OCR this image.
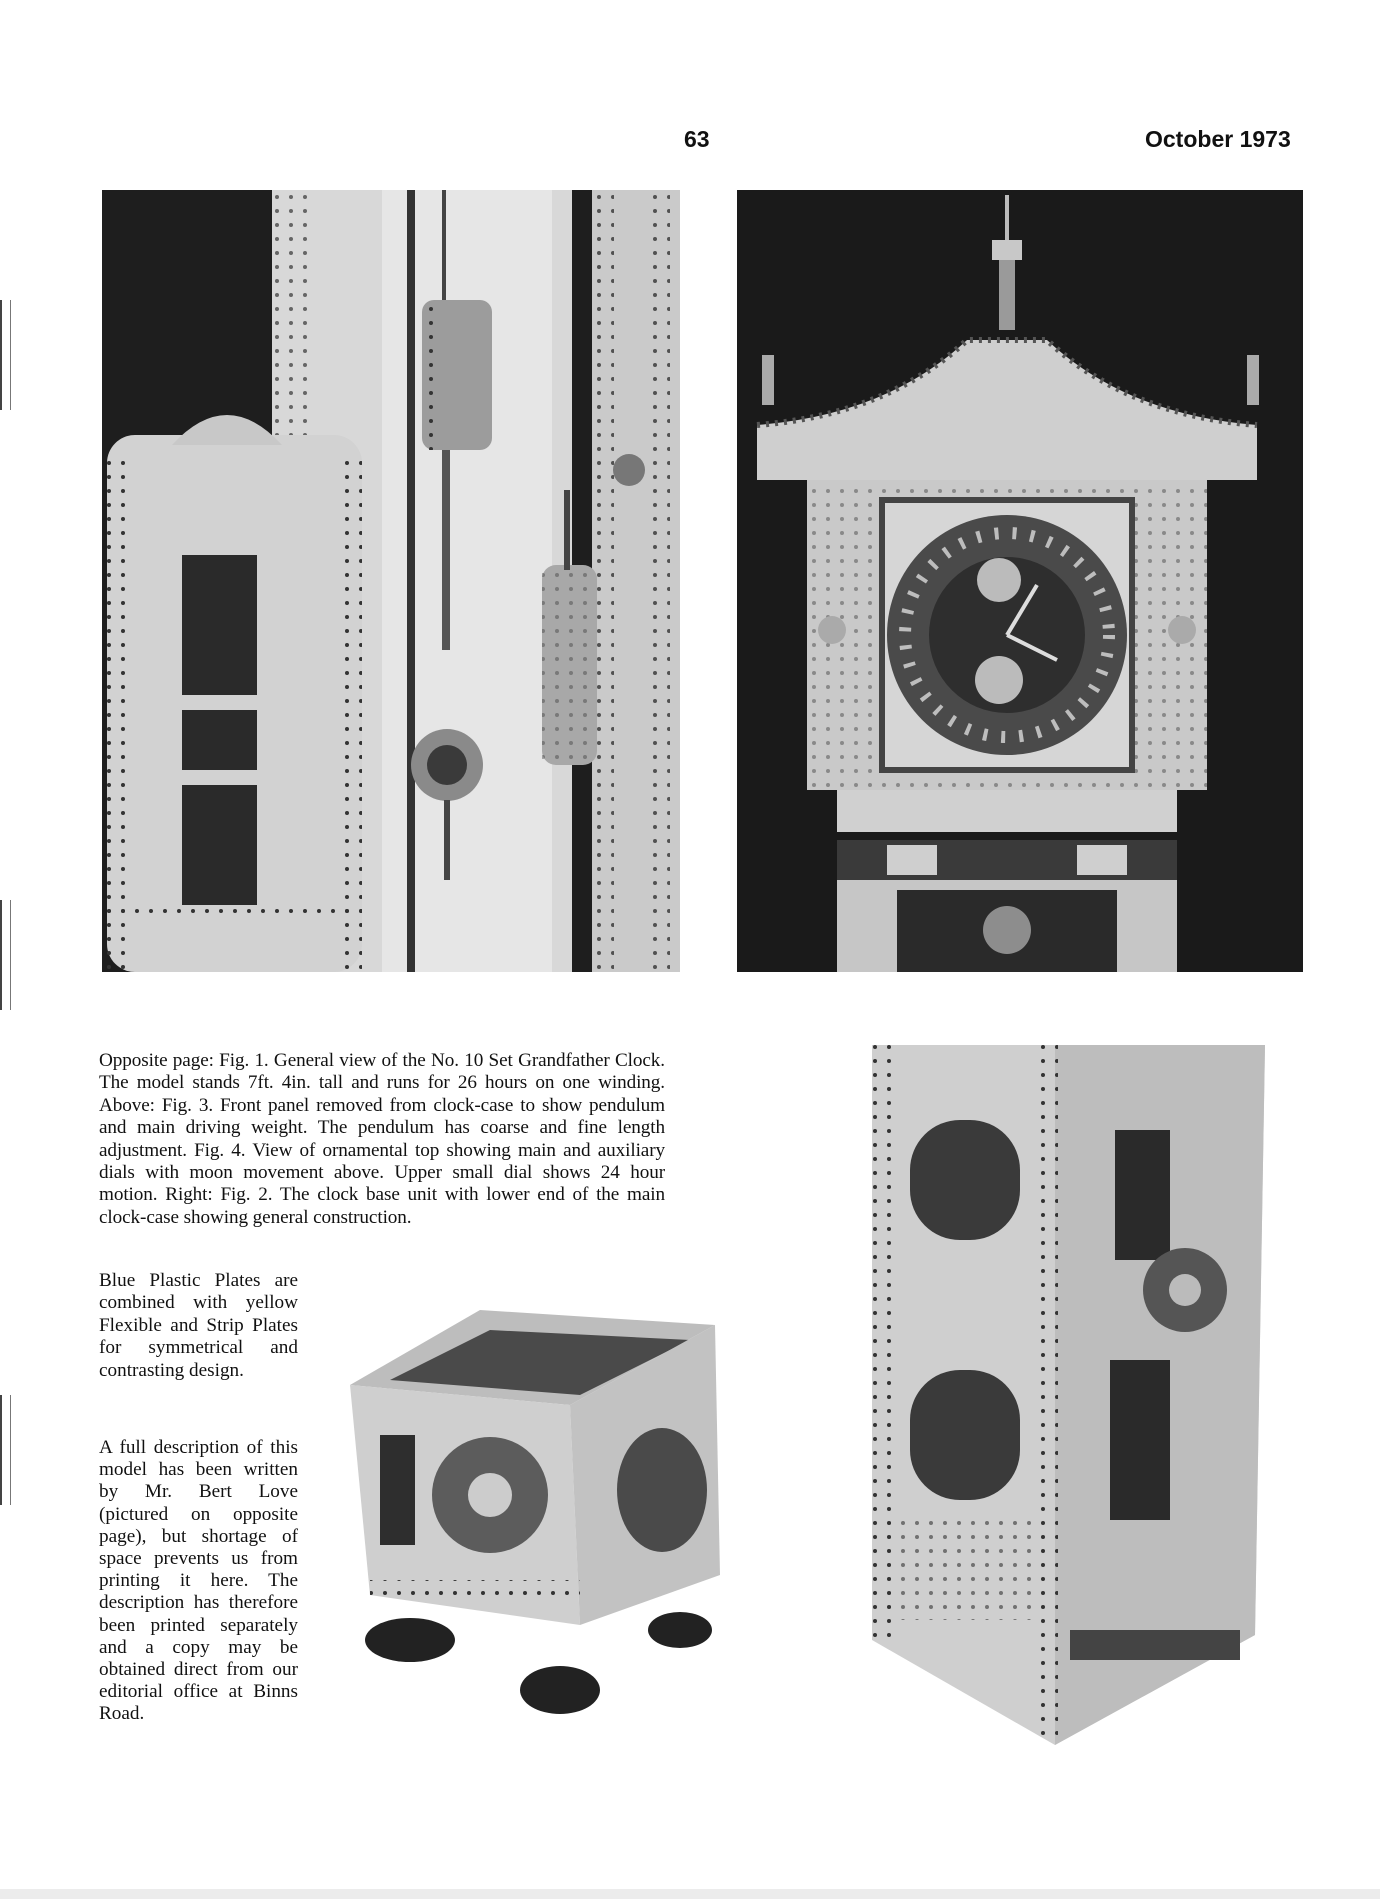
63	October 1973
Opposite page: Fig. 1. General view of the No. 10 Set Grandfather Clock. The model stands 7ft. 4in. tall and runs for 26 hours on one winding. Above: Fig. 3. Front panel removed from clock-case to show pendulum and main driving weight. The pendulum has coarse and fine length adjustment. Fig. 4. View of ornamental top showing main and auxiliary dials with moon movement above. Upper small dial shows 24 hour motion. Right: Fig. 2. The clock base unit with lower end of the main clock-case showing general construction.
Blue Plastic Plates are combined with yellow Flexible and Strip Plates for symmetrical and contrasting design.
A full description of this model has been written by Mr. Bert Love (pictured on opposite page), but shortage of space prevents us from printing it here. The description has therefore been printed separately and a copy may be obtained direct from our editorial office at Binns Road.
